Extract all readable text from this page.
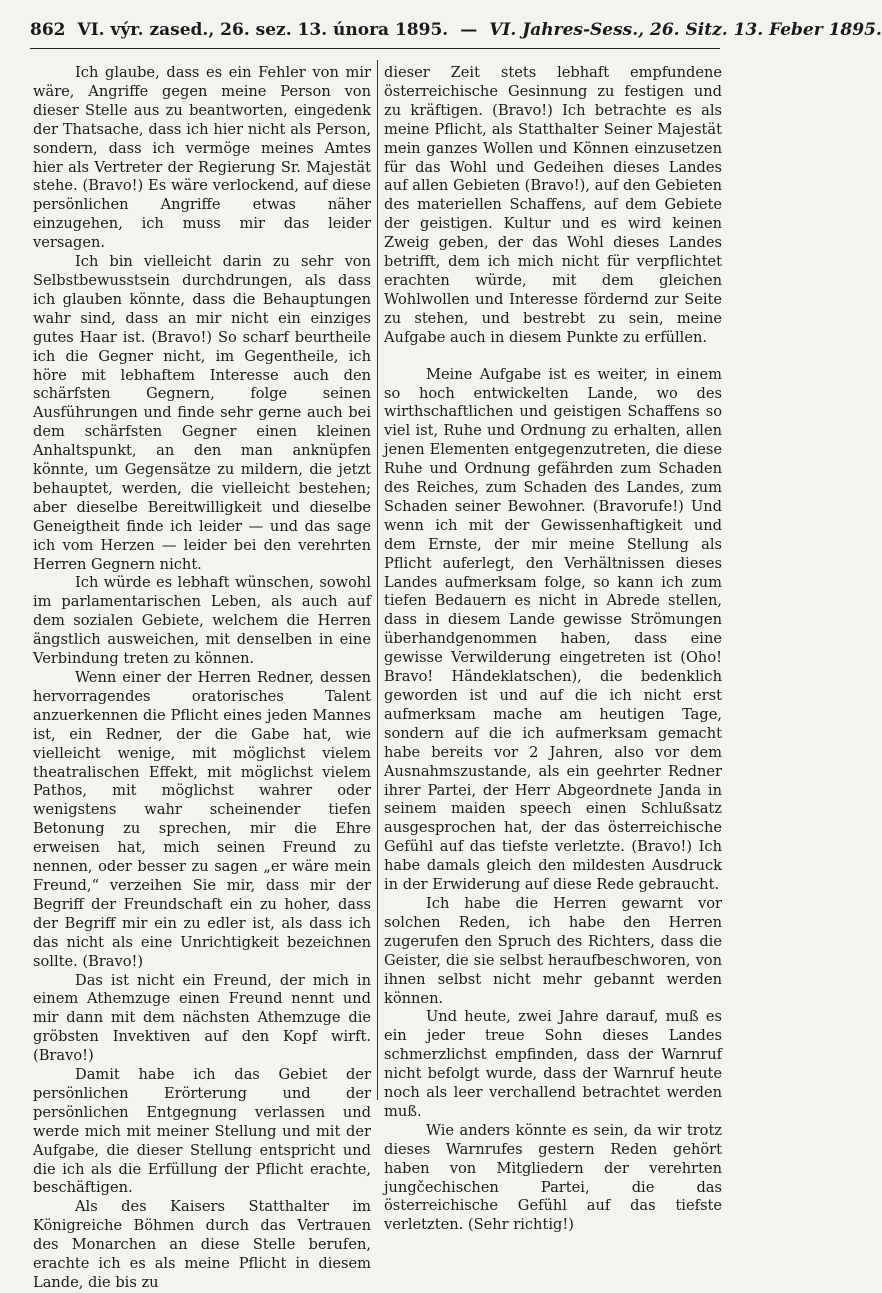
862 VI. výr. zased., 26. sez. 13. února 1895. — VI. Jahres-Sess., 26. Sitz. 13. Feber 1895.

Ich glaube, dass es ein Fehler von mir wäre, Angriffe gegen meine Person von dieser Stelle aus zu beantworten, eingedenk der Thatsache, dass ich hier nicht als Person, sondern, dass ich vermöge meines Amtes hier als Vertreter der Regierung Sr. Majestät stehe. (Bravo!) Es wäre verlockend, auf diese persönlichen Angriffe etwas näher einzugehen, ich muss mir das leider versagen.

Ich bin vielleicht darin zu sehr von Selbstbewusstsein durchdrungen, als dass ich glauben könnte, dass die Behauptungen wahr sind, dass an mir nicht ein einziges gutes Haar ist. (Bravo!) So scharf beurtheile ich die Gegner nicht, im Gegentheile, ich höre mit lebhaftem Interesse auch den schärfsten Gegnern, folge seinen Ausführungen und finde sehr gerne auch bei dem schärfsten Gegner einen kleinen Anhaltspunkt, an den man anknüpfen könnte, um Gegensätze zu mildern, die jetzt behauptet, werden, die vielleicht bestehen; aber dieselbe Bereitwilligkeit und dieselbe Geneigtheit finde ich leider — und das sage ich vom Herzen — leider bei den verehrten Herren Gegnern nicht.

Ich würde es lebhaft wünschen, sowohl im parlamentarischen Leben, als auch auf dem sozialen Gebiete, welchem die Herren ängstlich ausweichen, mit denselben in eine Verbindung treten zu können.

Wenn einer der Herren Redner, dessen hervorragendes oratorisches Talent anzuerkennen die Pflicht eines jeden Mannes ist, ein Redner, der die Gabe hat, wie vielleicht wenige, mit möglichst vielem theatralischen Effekt, mit möglichst vielem Pathos, mit möglichst wahrer oder wenigstens wahr scheinender tiefen Betonung zu sprechen, mir die Ehre erweisen hat, mich seinen Freund zu nennen, oder besser zu sagen „er wäre mein Freund,“ verzeihen Sie mir, dass mir der Begriff der Freundschaft ein zu hoher, dass der Begriff mir ein zu edler ist, als dass ich das nicht als eine Unrichtigkeit bezeichnen sollte. (Bravo!)

Das ist nicht ein Freund, der mich in einem Athemzuge einen Freund nennt und mir dann mit dem nächsten Athemzuge die gröbsten Invektiven auf den Kopf wirft. (Bravo!)

Damit habe ich das Gebiet der persönlichen Erörterung und der persönlichen Entgegnung verlassen und werde mich mit meiner Stellung und mit der Aufgabe, die dieser Stellung entspricht und die ich als die Erfüllung der Pflicht erachte, beschäftigen.

Als des Kaisers Statthalter im Königreiche Böhmen durch das Vertrauen des Monarchen an diese Stelle berufen, erachte ich es als meine Pflicht in diesem Lande, die bis zu

dieser Zeit stets lebhaft empfundene österreichische Gesinnung zu festigen und zu kräftigen. (Bravo!) Ich betrachte es als meine Pflicht, als Statthalter Seiner Majestät mein ganzes Wollen und Können einzusetzen für das Wohl und Gedeihen dieses Landes auf allen Gebieten (Bravo!), auf den Gebieten des materiellen Schaffens, auf dem Gebiete der geistigen. Kultur und es wird keinen Zweig geben, der das Wohl dieses Landes betrifft, dem ich mich nicht für verpflichtet erachten würde, mit dem gleichen Wohlwollen und Interesse fördernd zur Seite zu stehen, und bestrebt zu sein, meine Aufgabe auch in diesem Punkte zu erfüllen.

Meine Aufgabe ist es weiter, in einem so hoch entwickelten Lande, wo des wirthschaftlichen und geistigen Schaffens so viel ist, Ruhe und Ordnung zu erhalten, allen jenen Elementen entgegenzutreten, die diese Ruhe und Ordnung gefährden zum Schaden des Reiches, zum Schaden des Landes, zum Schaden seiner Bewohner. (Bravorufe!) Und wenn ich mit der Gewissenhaftigkeit und dem Ernste, der mir meine Stellung als Pflicht auferlegt, den Verhältnissen dieses Landes aufmerksam folge, so kann ich zum tiefen Bedauern es nicht in Abrede stellen, dass in diesem Lande gewisse Strömungen überhandgenommen haben, dass eine gewisse Verwilderung eingetreten ist (Oho! Bravo! Händeklatschen), die bedenklich geworden ist und auf die ich nicht erst aufmerksam mache am heutigen Tage, sondern auf die ich aufmerksam gemacht habe bereits vor 2 Jahren, also vor dem Ausnahmszustande, als ein geehrter Redner ihrer Partei, der Herr Abgeordnete Janda in seinem maiden speech einen Schlußsatz ausgesprochen hat, der das österreichische Gefühl auf das tiefste verletzte. (Bravo!) Ich habe damals gleich den mildesten Ausdruck in der Erwiderung auf diese Rede gebraucht.

Ich habe die Herren gewarnt vor solchen Reden, ich habe den Herren zugerufen den Spruch des Richters, dass die Geister, die sie selbst heraufbeschworen, von ihnen selbst nicht mehr gebannt werden können.

Und heute, zwei Jahre darauf, muß es ein jeder treue Sohn dieses Landes schmerzlichst empfinden, dass der Warnruf nicht befolgt wurde, dass der Warnruf heute noch als leer verchallend betrachtet werden muß.

Wie anders könnte es sein, da wir trotz dieses Warnrufes gestern Reden gehört haben von Mitgliedern der verehrten jungčechischen Partei, die das österreichische Gefühl auf das tiefste verletzten. (Sehr richtig!)
